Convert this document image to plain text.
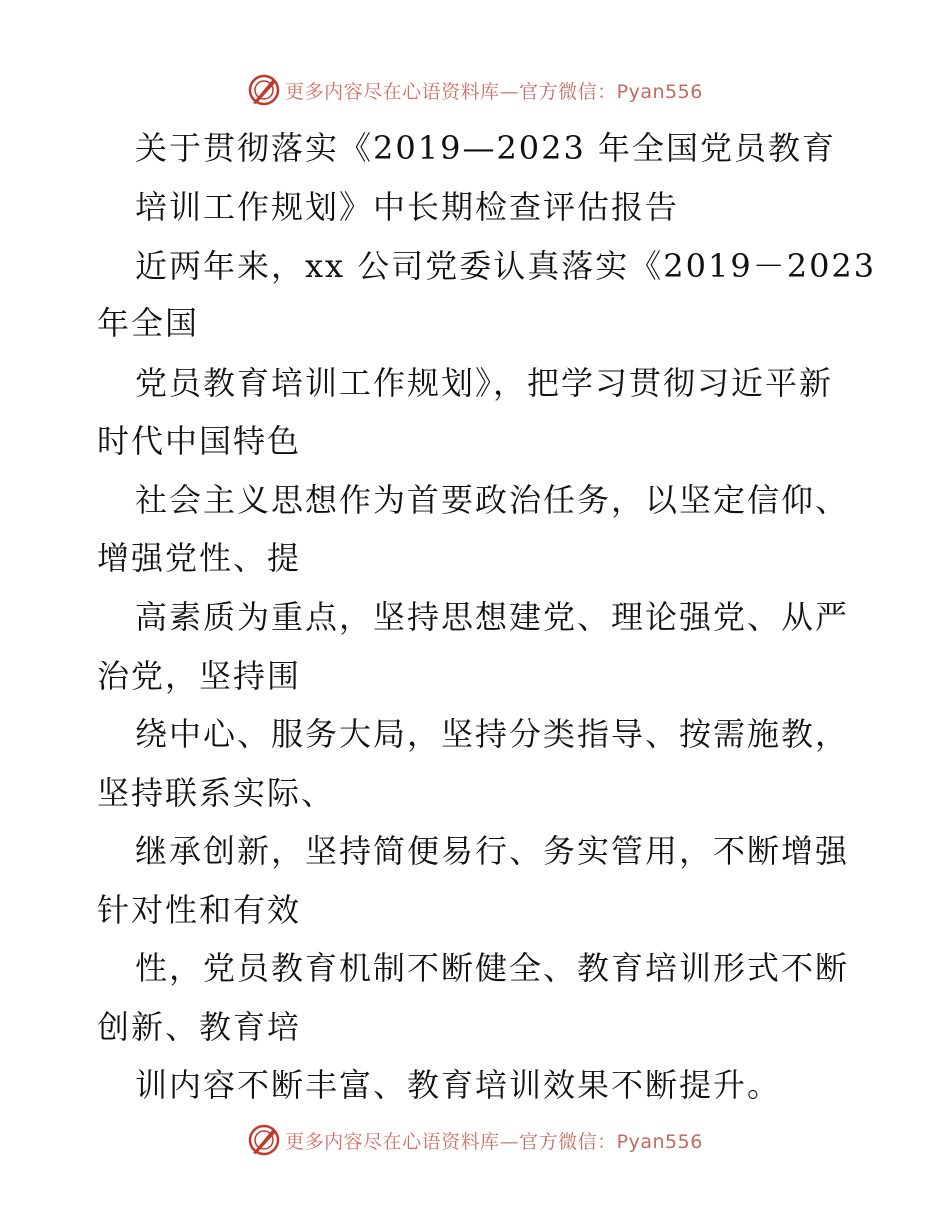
更多内容尽在心语资料库—官方微信：Pyan556
关于贯彻落实《2019—2023 年全国党员教育
培训工作规划》中长期检查评估报告
近两年来，xx 公司党委认真落实《2019－2023
年全国
党员教育培训工作规划》，把学习贯彻习近平新
时代中国特色
社会主义思想作为首要政治任务，以坚定信仰、
增强党性、提
高素质为重点，坚持思想建党、理论强党、从严
治党，坚持围
绕中心、服务大局，坚持分类指导、按需施教，
坚持联系实际、
继承创新，坚持简便易行、务实管用，不断增强
针对性和有效
性，党员教育机制不断健全、教育培训形式不断
创新、教育培
训内容不断丰富、教育培训效果不断提升。
更多内容尽在心语资料库—官方微信：Pyan556
